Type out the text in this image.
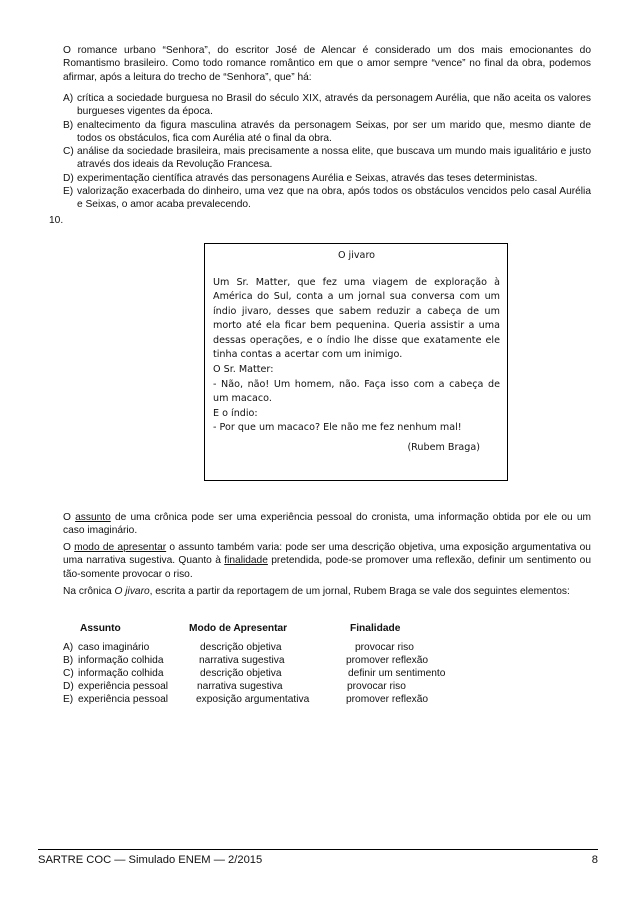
O romance urbano “Senhora”, do escritor José de Alencar é considerado um dos mais emocionantes do Romantismo brasileiro. Como todo romance romântico em que o amor sempre “vence” no final da obra, podemos afirmar, após a leitura do trecho de “Senhora”, que” há:
A) crítica a sociedade burguesa no Brasil do século XIX, através da personagem Aurélia, que não aceita os valores burgueses vigentes da época.
B) enaltecimento da figura masculina através da personagem Seixas, por ser um marido que, mesmo diante de todos os obstáculos, fica com Aurélia até o final da obra.
C) análise da sociedade brasileira, mais precisamente a nossa elite, que buscava um mundo mais igualitário e justo através dos ideais da Revolução Francesa.
D) experimentação científica através das personagens Aurélia e Seixas, através das teses deterministas.
E) valorização exacerbada do dinheiro, uma vez que na obra, após todos os obstáculos vencidos pelo casal Aurélia e Seixas, o amor acaba prevalecendo.
10.
O jivaro
Um Sr. Matter, que fez uma viagem de exploração à América do Sul, conta a um jornal sua conversa com um índio jivaro, desses que sabem reduzir a cabeça de um morto até ela ficar bem pequenina. Queria assistir a uma dessas operações, e o índio lhe disse que exatamente ele tinha contas a acertar com um inimigo.
O Sr. Matter:
- Não, não! Um homem, não. Faça isso com a cabeça de um macaco.
E o índio:
- Por que um macaco? Ele não me fez nenhum mal!
(Rubem Braga)
O assunto de uma crônica pode ser uma experiência pessoal do cronista, uma informação obtida por ele ou um caso imaginário.
O modo de apresentar o assunto também varia: pode ser uma descrição objetiva, uma exposição argumentativa ou uma narrativa sugestiva. Quanto à finalidade pretendida, pode-se promover uma reflexão, definir um sentimento ou tão-somente provocar o riso.
Na crônica O jivaro, escrita a partir da reportagem de um jornal, Rubem Braga se vale dos seguintes elementos:
Assunto	Modo de Apresentar	Finalidade
A) caso imaginário	descrição objetiva	provocar riso
B) informação colhida	narrativa sugestiva	promover reflexão
C) informação colhida	descrição objetiva	definir um sentimento
D) experiência pessoal	narrativa sugestiva	provocar riso
E) experiência pessoal	exposição argumentativa	promover reflexão
SARTRE COC — Simulado ENEM — 2/2015	8
